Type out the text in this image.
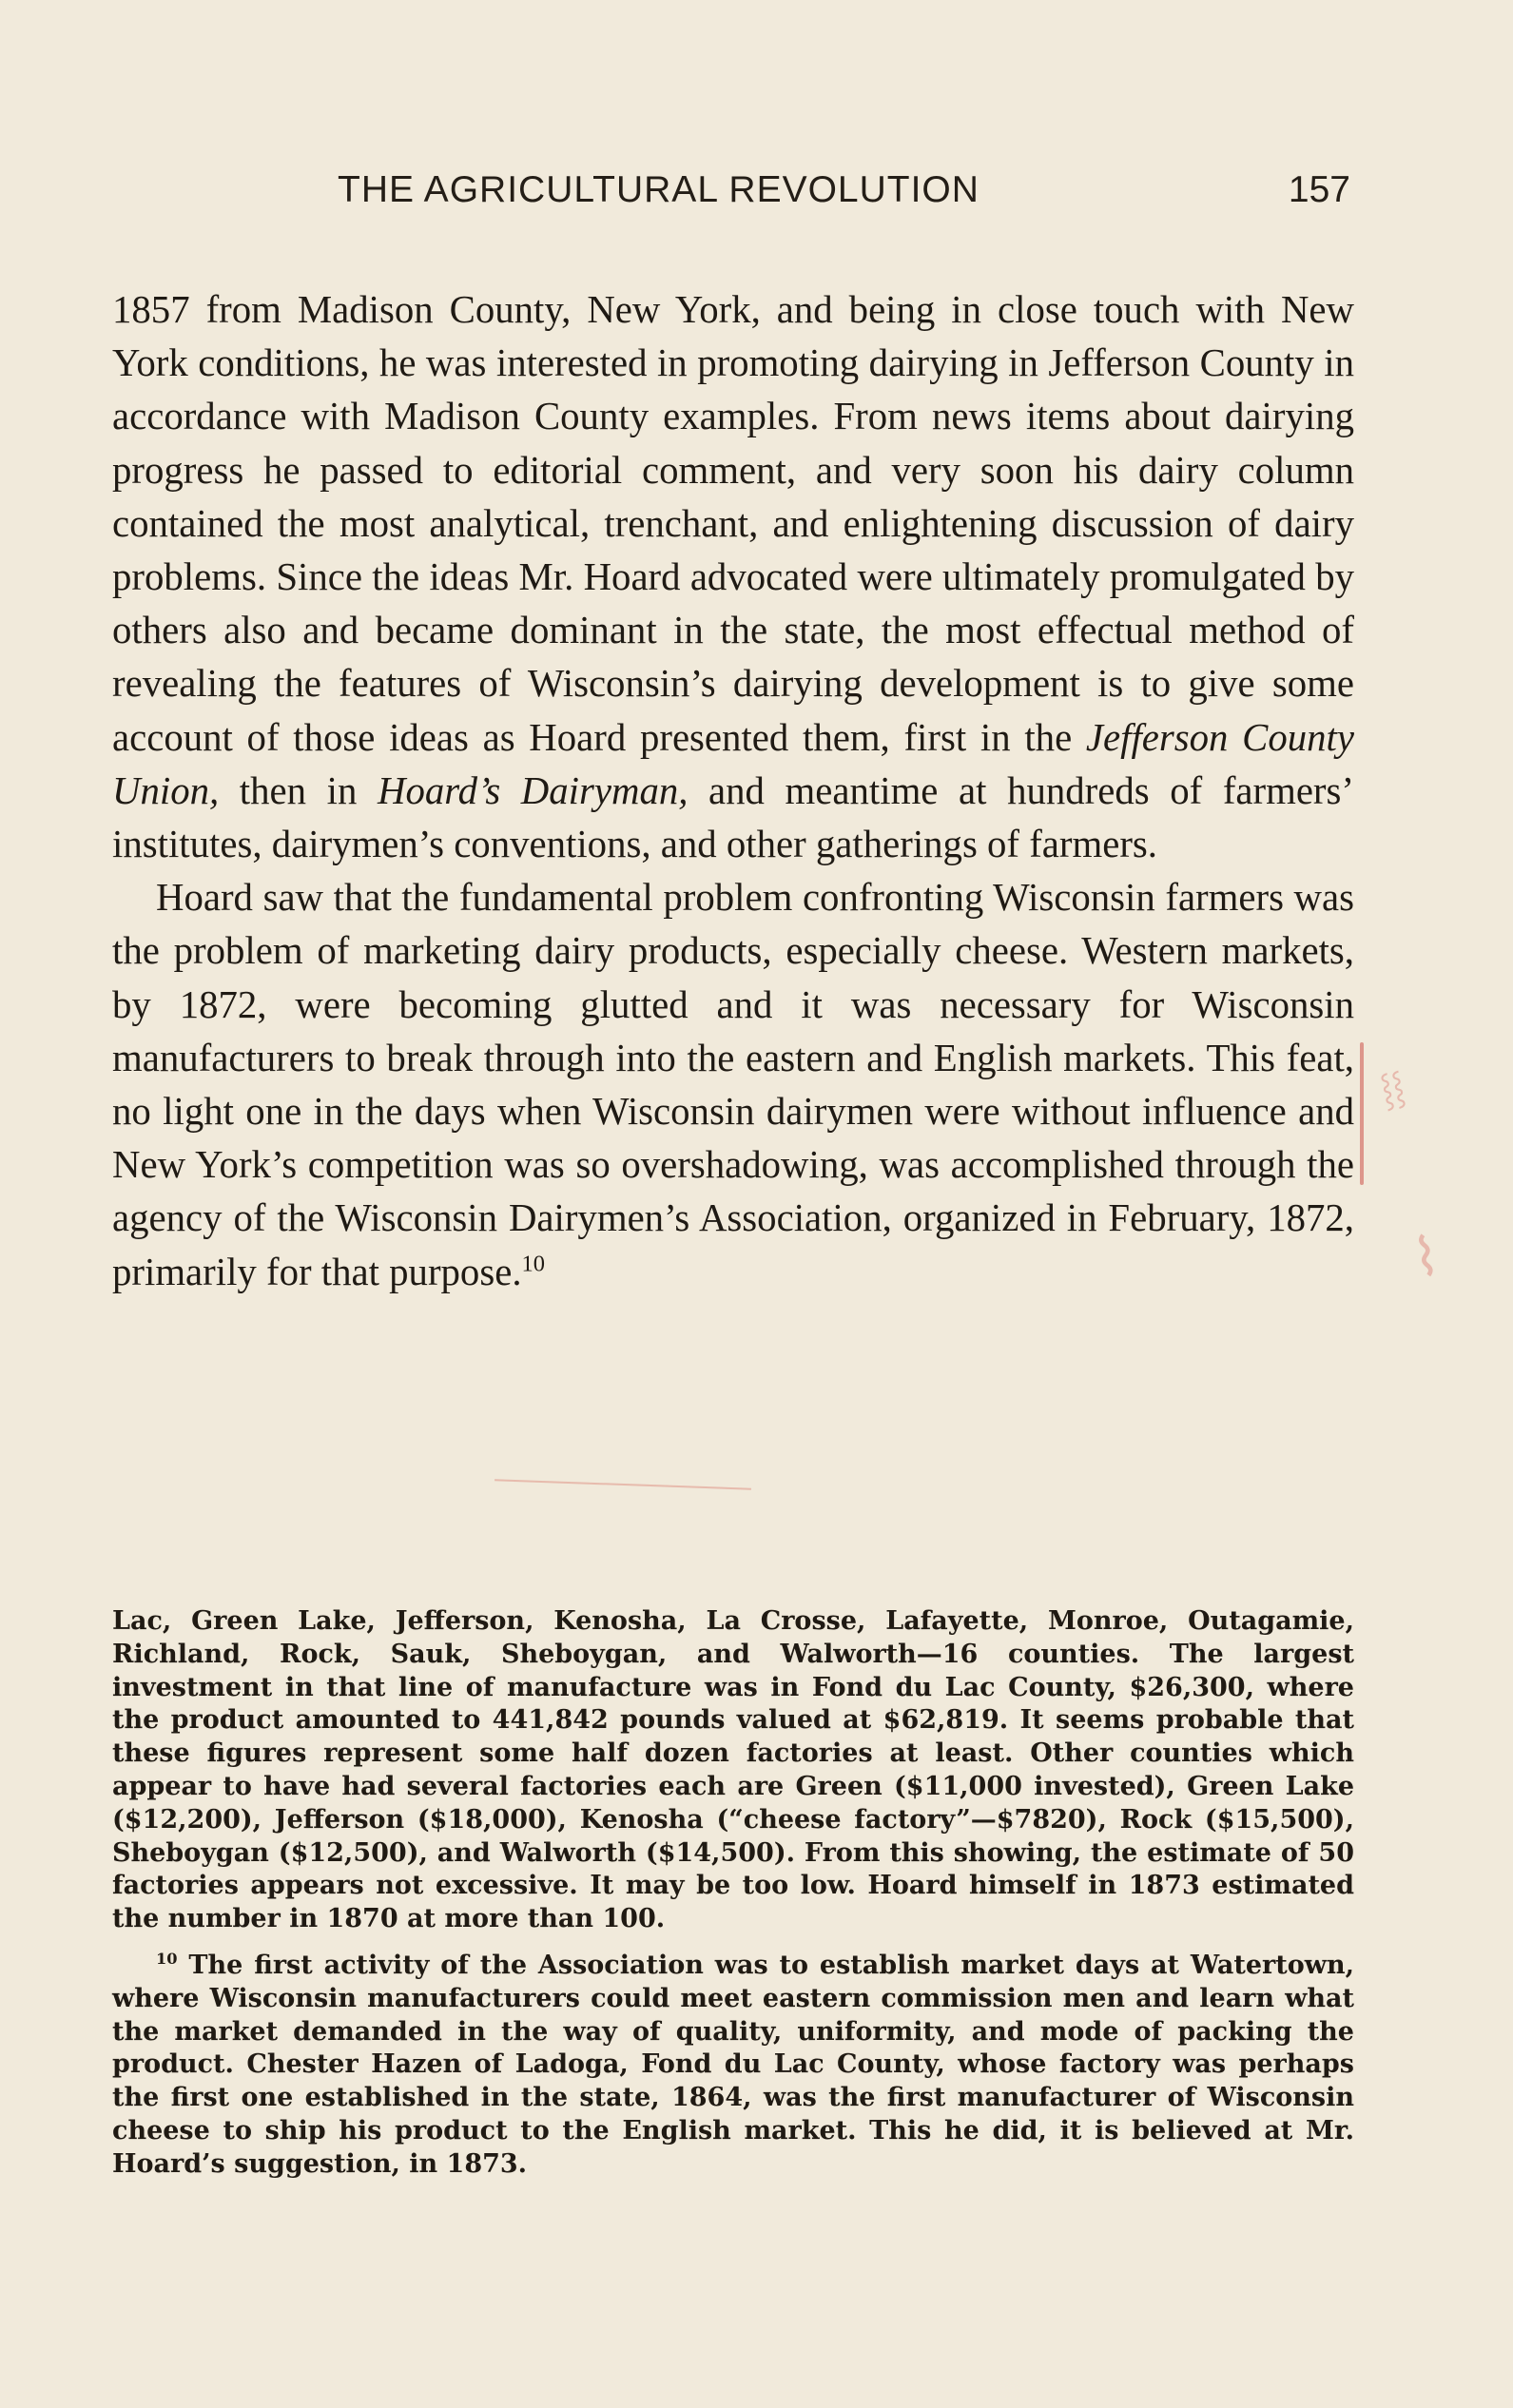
THE AGRICULTURAL REVOLUTION	157

1857 from Madison County, New York, and being in close touch with New York conditions, he was interested in promoting dairying in Jefferson County in accordance with Madison County examples. From news items about dairying progress he passed to editorial comment, and very soon his dairy column contained the most analytical, trenchant, and enlightening discussion of dairy problems. Since the ideas Mr. Hoard advocated were ultimately promulgated by others also and became dominant in the state, the most effectual method of revealing the features of Wisconsin’s dairying development is to give some account of those ideas as Hoard presented them, first in the Jefferson County Union, then in Hoard’s Dairyman, and meantime at hundreds of farmers’ institutes, dairymen’s conventions, and other gatherings of farmers.

Hoard saw that the fundamental problem confronting Wisconsin farmers was the problem of marketing dairy products, especially cheese. Western markets, by 1872, were becoming glutted and it was necessary for Wisconsin manufacturers to break through into the eastern and English markets. This feat, no light one in the days when Wisconsin dairymen were without influence and New York’s competition was so overshadowing, was accomplished through the agency of the Wisconsin Dairymen’s Association, organized in February, 1872, primarily for that purpose.$^{10}$

Lac, Green Lake, Jefferson, Kenosha, La Crosse, Lafayette, Monroe, Outagamie, Richland, Rock, Sauk, Sheboygan, and Walworth—16 counties. The largest investment in that line of manufacture was in Fond du Lac County, $26,300, where the product amounted to 441,842 pounds valued at $62,819. It seems probable that these figures represent some half dozen factories at least. Other counties which appear to have had several factories each are Green ($11,000 invested), Green Lake ($12,200), Jefferson ($18,000), Kenosha (“cheese factory”—$7820), Rock ($15,500), Sheboygan ($12,500), and Walworth ($14,500). From this showing, the estimate of 50 factories appears not excessive. It may be too low. Hoard himself in 1873 estimated the number in 1870 at more than 100.

$^{10}$ The first activity of the Association was to establish market days at Watertown, where Wisconsin manufacturers could meet eastern commission men and learn what the market demanded in the way of quality, uniformity, and mode of packing the product. Chester Hazen of Ladoga, Fond du Lac County, whose factory was perhaps the first one established in the state, 1864, was the first manufacturer of Wisconsin cheese to ship his product to the English market. This he did, it is believed at Mr. Hoard’s suggestion, in 1873.

⸾⸾
⌇
